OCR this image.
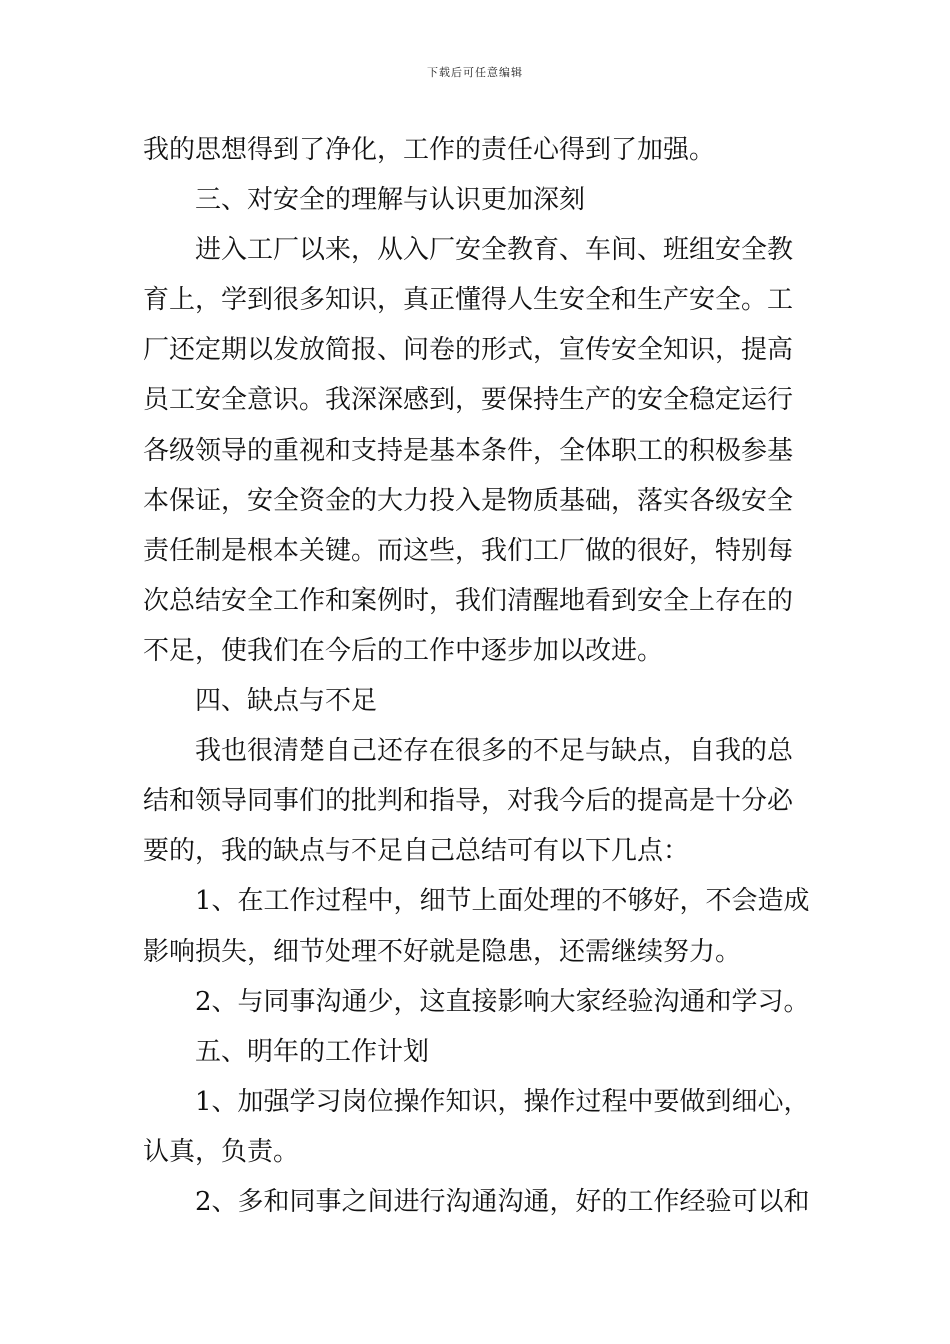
下载后可任意编辑
我的思想得到了净化，工作的责任心得到了加强。
三、对安全的理解与认识更加深刻
进入工厂以来，从入厂安全教育、车间、班组安全教
育上，学到很多知识，真正懂得人生安全和生产安全。工
厂还定期以发放简报、问卷的形式，宣传安全知识，提高
员工安全意识。我深深感到，要保持生产的安全稳定运行
各级领导的重视和支持是基本条件，全体职工的积极参基
本保证，安全资金的大力投入是物质基础，落实各级安全
责任制是根本关键。而这些，我们工厂做的很好，特别每
次总结安全工作和案例时，我们清醒地看到安全上存在的
不足，使我们在今后的工作中逐步加以改进。
四、缺点与不足
我也很清楚自己还存在很多的不足与缺点，自我的总
结和领导同事们的批判和指导，对我今后的提高是十分必
要的，我的缺点与不足自己总结可有以下几点：
1、在工作过程中，细节上面处理的不够好，不会造成
影响损失，细节处理不好就是隐患，还需继续努力。
2、与同事沟通少，这直接影响大家经验沟通和学习。
五、明年的工作计划
1、加强学习岗位操作知识，操作过程中要做到细心，
认真，负责。
2、多和同事之间进行沟通沟通，好的工作经验可以和
